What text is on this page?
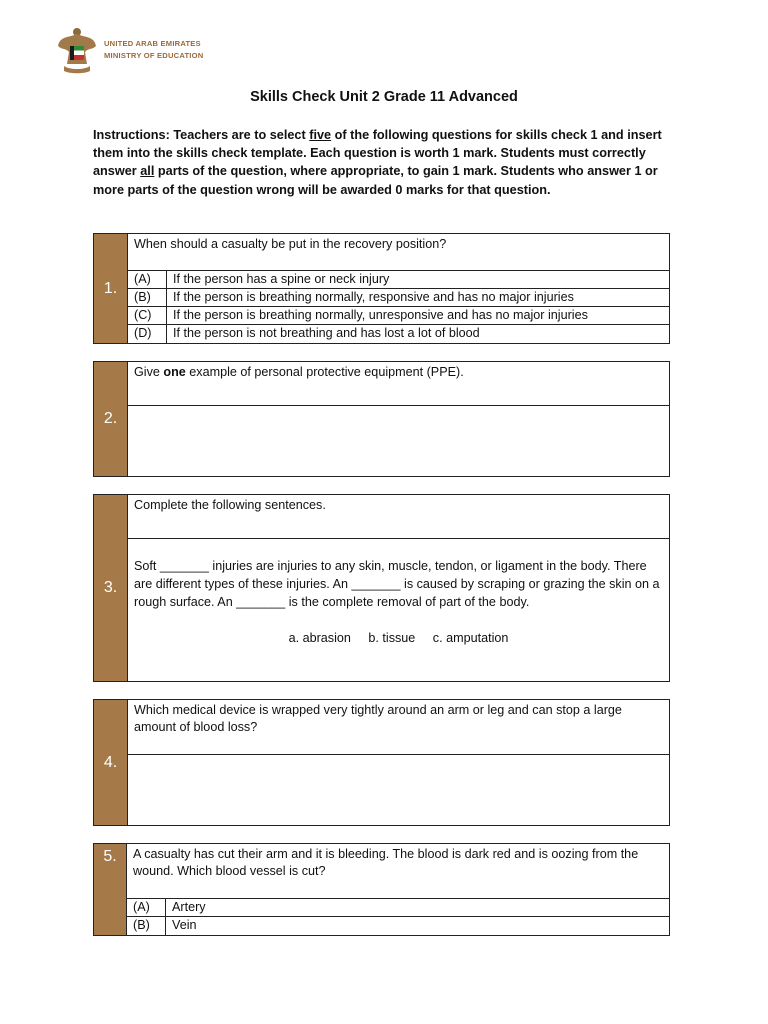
UNITED ARAB EMIRATES
MINISTRY OF EDUCATION
Skills Check Unit 2 Grade 11 Advanced
Instructions: Teachers are to select five of the following questions for skills check 1 and insert them into the skills check template. Each question is worth 1 mark. Students must correctly answer all parts of the question, where appropriate, to gain 1 mark. Students who answer 1 or more parts of the question wrong will be awarded 0 marks for that question.
1.
When should a casualty be put in the recovery position?
(A)	If the person has a spine or neck injury
(B)	If the person is breathing normally, responsive and has no major injuries
(C)	If the person is breathing normally, unresponsive and has no major injuries
(D)	If the person is not breathing and has lost a lot of blood
2.
Give one example of personal protective equipment (PPE).
3.
Complete the following sentences.
Soft _______ injuries are injuries to any skin, muscle, tendon, or ligament in the body. There are different types of these injuries. An _______ is caused by scraping or grazing the skin on a rough surface. An _______ is the complete removal of part of the body.
a. abrasion b. tissue c. amputation
4.
Which medical device is wrapped very tightly around an arm or leg and can stop a large amount of blood loss?
5.	A casualty has cut their arm and it is bleeding. The blood is dark red and is oozing from the wound. Which blood vessel is cut?
(A)	Artery
(B)	Vein
